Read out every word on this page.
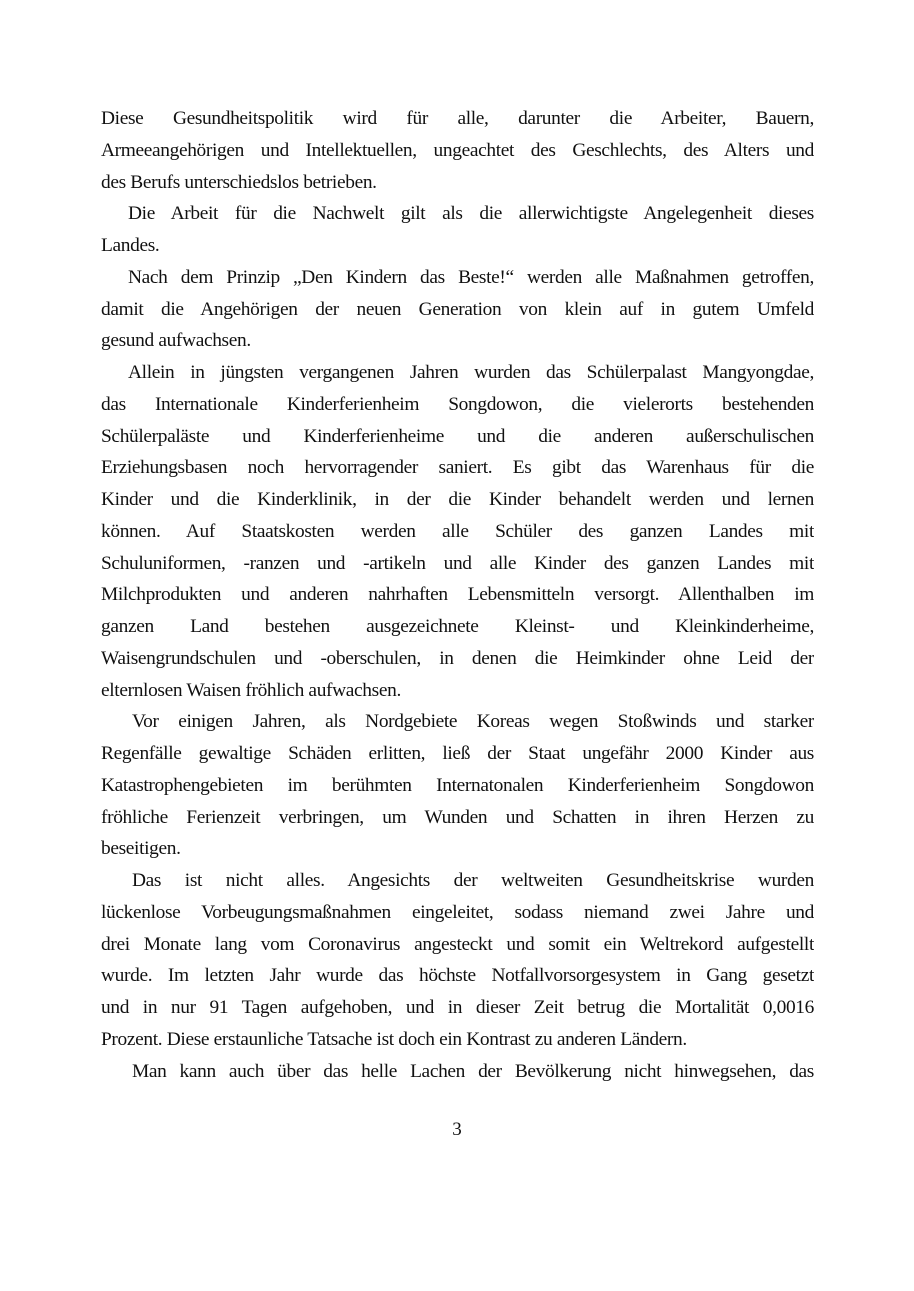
Diese Gesundheitspolitik wird für alle, darunter die Arbeiter, Bauern,
Armeeangehörigen und Intellektuellen, ungeachtet des Geschlechts, des Alters und
des Berufs unterschiedslos betrieben.
Die Arbeit für die Nachwelt gilt als die allerwichtigste Angelegenheit dieses
Landes.
Nach dem Prinzip „Den Kindern das Beste!“ werden alle Maßnahmen getroffen,
damit die Angehörigen der neuen Generation von klein auf in gutem Umfeld
gesund aufwachsen.
Allein in jüngsten vergangenen Jahren wurden das Schülerpalast Mangyongdae,
das Internationale Kinderferienheim Songdowon, die vielerorts bestehenden
Schülerpaläste und Kinderferienheime und die anderen außerschulischen
Erziehungsbasen noch hervorragender saniert. Es gibt das Warenhaus für die
Kinder und die Kinderklinik, in der die Kinder behandelt werden und lernen
können. Auf Staatskosten werden alle Schüler des ganzen Landes mit
Schuluniformen, -ranzen und -artikeln und alle Kinder des ganzen Landes mit
Milchprodukten und anderen nahrhaften Lebensmitteln versorgt. Allenthalben im
ganzen Land bestehen ausgezeichnete Kleinst- und Kleinkinderheime,
Waisengrundschulen und -oberschulen, in denen die Heimkinder ohne Leid der
elternlosen Waisen fröhlich aufwachsen.
Vor einigen Jahren, als Nordgebiete Koreas wegen Stoßwinds und starker
Regenfälle gewaltige Schäden erlitten, ließ der Staat ungefähr 2000 Kinder aus
Katastrophengebieten im berühmten Internatonalen Kinderferienheim Songdowon
fröhliche Ferienzeit verbringen, um Wunden und Schatten in ihren Herzen zu
beseitigen.
Das ist nicht alles. Angesichts der weltweiten Gesundheitskrise wurden
lückenlose Vorbeugungsmaßnahmen eingeleitet, sodass niemand zwei Jahre und
drei Monate lang vom Coronavirus angesteckt und somit ein Weltrekord aufgestellt
wurde. Im letzten Jahr wurde das höchste Notfallvorsorgesystem in Gang gesetzt
und in nur 91 Tagen aufgehoben, und in dieser Zeit betrug die Mortalität 0,0016
Prozent. Diese erstaunliche Tatsache ist doch ein Kontrast zu anderen Ländern.
Man kann auch über das helle Lachen der Bevölkerung nicht hinwegsehen, das
3
